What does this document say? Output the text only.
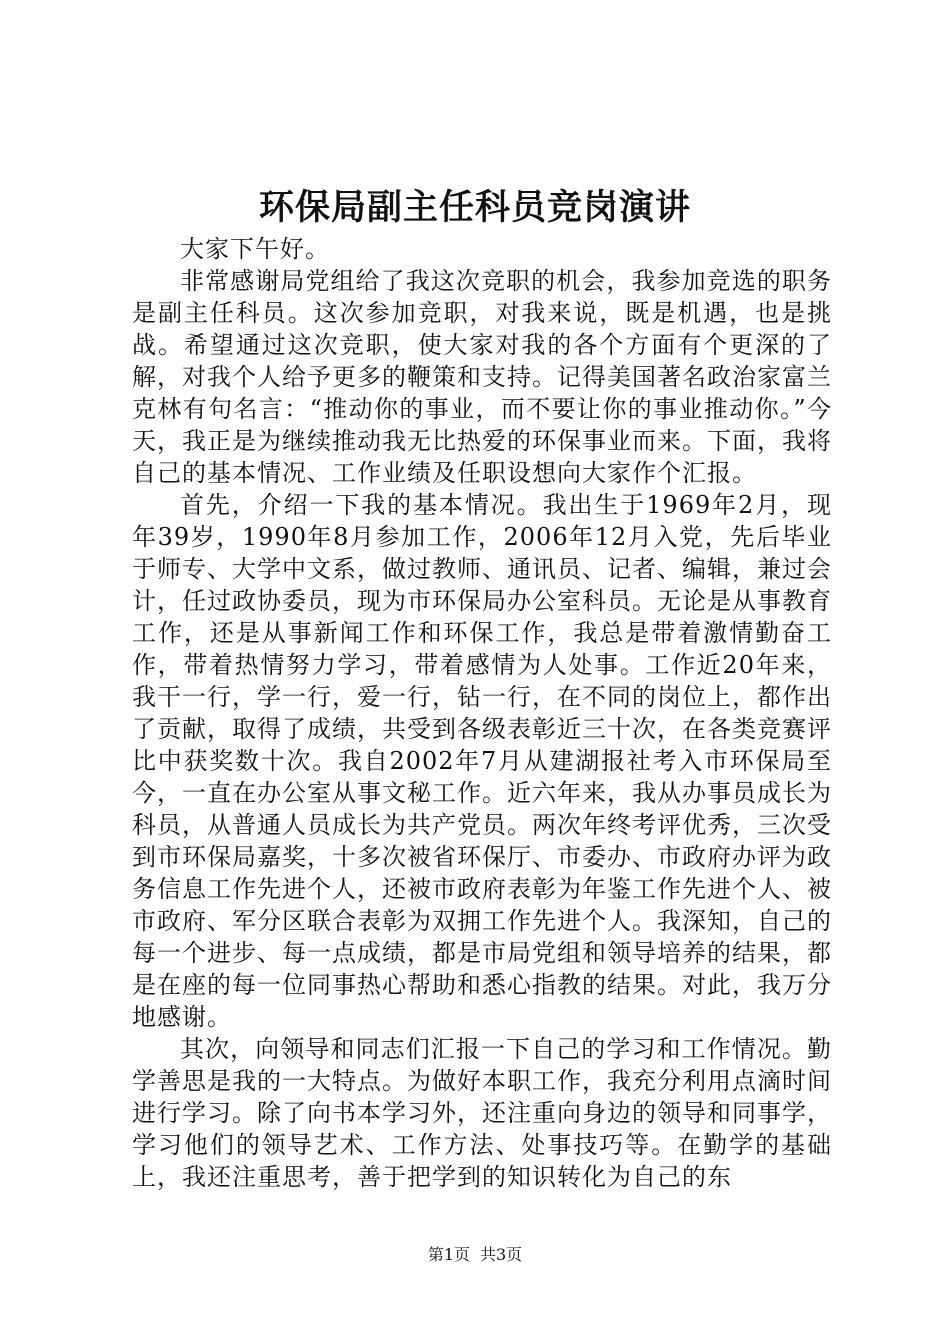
环保局副主任科员竞岗演讲

大家下午好。

非常感谢局党组给了我这次竞职的机会，我参加竞选的职务是副主任科员。这次参加竞职，对我来说，既是机遇，也是挑战。希望通过这次竞职，使大家对我的各个方面有个更深的了解，对我个人给予更多的鞭策和支持。记得美国著名政治家富兰克林有句名言：“推动你的事业，而不要让你的事业推动你。”今天，我正是为继续推动我无比热爱的环保事业而来。下面，我将自己的基本情况、工作业绩及任职设想向大家作个汇报。

首先，介绍一下我的基本情况。我出生于1969年2月，现年39岁，1990年8月参加工作，2006年12月入党，先后毕业于师专、大学中文系，做过教师、通讯员、记者、编辑，兼过会计，任过政协委员，现为市环保局办公室科员。无论是从事教育工作，还是从事新闻工作和环保工作，我总是带着激情勤奋工作，带着热情努力学习，带着感情为人处事。工作近20年来，我干一行，学一行，爱一行，钻一行，在不同的岗位上，都作出了贡献，取得了成绩，共受到各级表彰近三十次，在各类竞赛评比中获奖数十次。我自2002年7月从建湖报社考入市环保局至今，一直在办公室从事文秘工作。近六年来，我从办事员成长为科员，从普通人员成长为共产党员。两次年终考评优秀，三次受到市环保局嘉奖，十多次被省环保厅、市委办、市政府办评为政务信息工作先进个人，还被市政府表彰为年鉴工作先进个人、被市政府、军分区联合表彰为双拥工作先进个人。我深知，自己的每一个进步、每一点成绩，都是市局党组和领导培养的结果，都是在座的每一位同事热心帮助和悉心指教的结果。对此，我万分地感谢。

其次，向领导和同志们汇报一下自己的学习和工作情况。勤学善思是我的一大特点。为做好本职工作，我充分利用点滴时间进行学习。除了向书本学习外，还注重向身边的领导和同事学，学习他们的领导艺术、工作方法、处事技巧等。在勤学的基础上，我还注重思考，善于把学到的知识转化为自己的东

第1页 共3页
